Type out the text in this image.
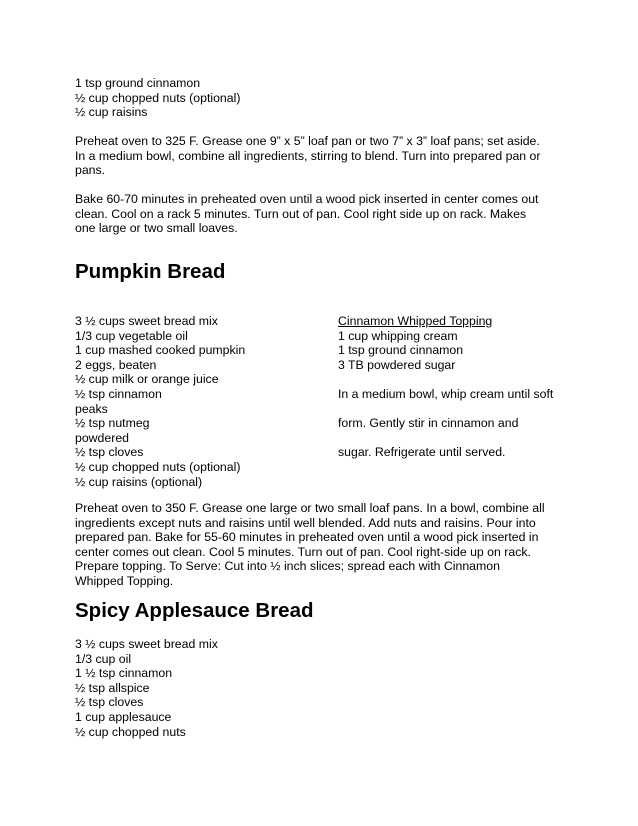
1 tsp ground cinnamon
½ cup chopped nuts (optional)
½ cup raisins
Preheat oven to 325 F. Grease one 9” x 5” loaf pan or two 7” x 3” loaf pans; set aside.
In a medium bowl, combine all ingredients, stirring to blend. Turn into prepared pan or
pans.
Bake 60-70 minutes in preheated oven until a wood pick inserted in center comes out
clean. Cool on a rack 5 minutes. Turn out of pan. Cool right side up on rack. Makes
one large or two small loaves.
Pumpkin Bread
3 ½ cups sweet bread mix
1/3 cup vegetable oil
1 cup mashed cooked pumpkin
2 eggs, beaten
½ cup milk or orange juice
½ tsp cinnamon
peaks
½ tsp nutmeg
powdered
½ tsp cloves
½ cup chopped nuts (optional)
½ cup raisins (optional)
Cinnamon Whipped Topping
1 cup whipping cream
1 tsp ground cinnamon
3 TB powdered sugar
In a medium bowl, whip cream until soft
form. Gently stir in cinnamon and
sugar. Refrigerate until served.
Preheat oven to 350 F. Grease one large or two small loaf pans. In a bowl, combine all
ingredients except nuts and raisins until well blended. Add nuts and raisins. Pour into
prepared pan. Bake for 55-60 minutes in preheated oven until a wood pick inserted in
center comes out clean. Cool 5 minutes. Turn out of pan. Cool right-side up on rack.
Prepare topping. To Serve: Cut into ½ inch slices; spread each with Cinnamon
Whipped Topping.
Spicy Applesauce Bread
3 ½ cups sweet bread mix
1/3 cup oil
1 ½ tsp cinnamon
½ tsp allspice
½ tsp cloves
1 cup applesauce
½ cup chopped nuts
